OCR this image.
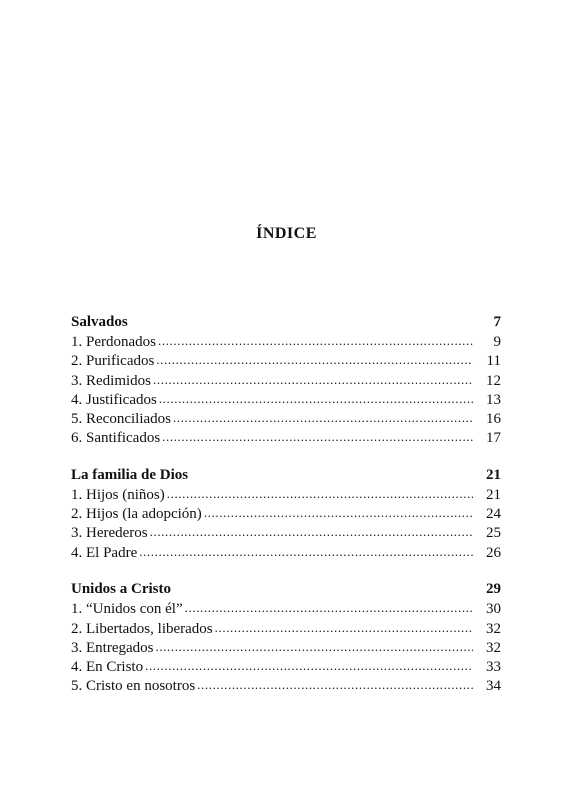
ÍNDICE
Salvados	7
1. Perdonados .....	9
2. Purificados .....	11
3. Redimidos .....	12
4. Justificados .....	13
5. Reconciliados .....	16
6. Santificados .....	17
La familia de Dios	21
1. Hijos (niños) .....	21
2. Hijos (la adopción) .....	24
3. Herederos .....	25
4. El Padre .....	26
Unidos a Cristo	29
1. “Unidos con él” .....	30
2. Libertados, liberados .....	32
3. Entregados .....	32
4. En Cristo .....	33
5. Cristo en nosotros .....	34
